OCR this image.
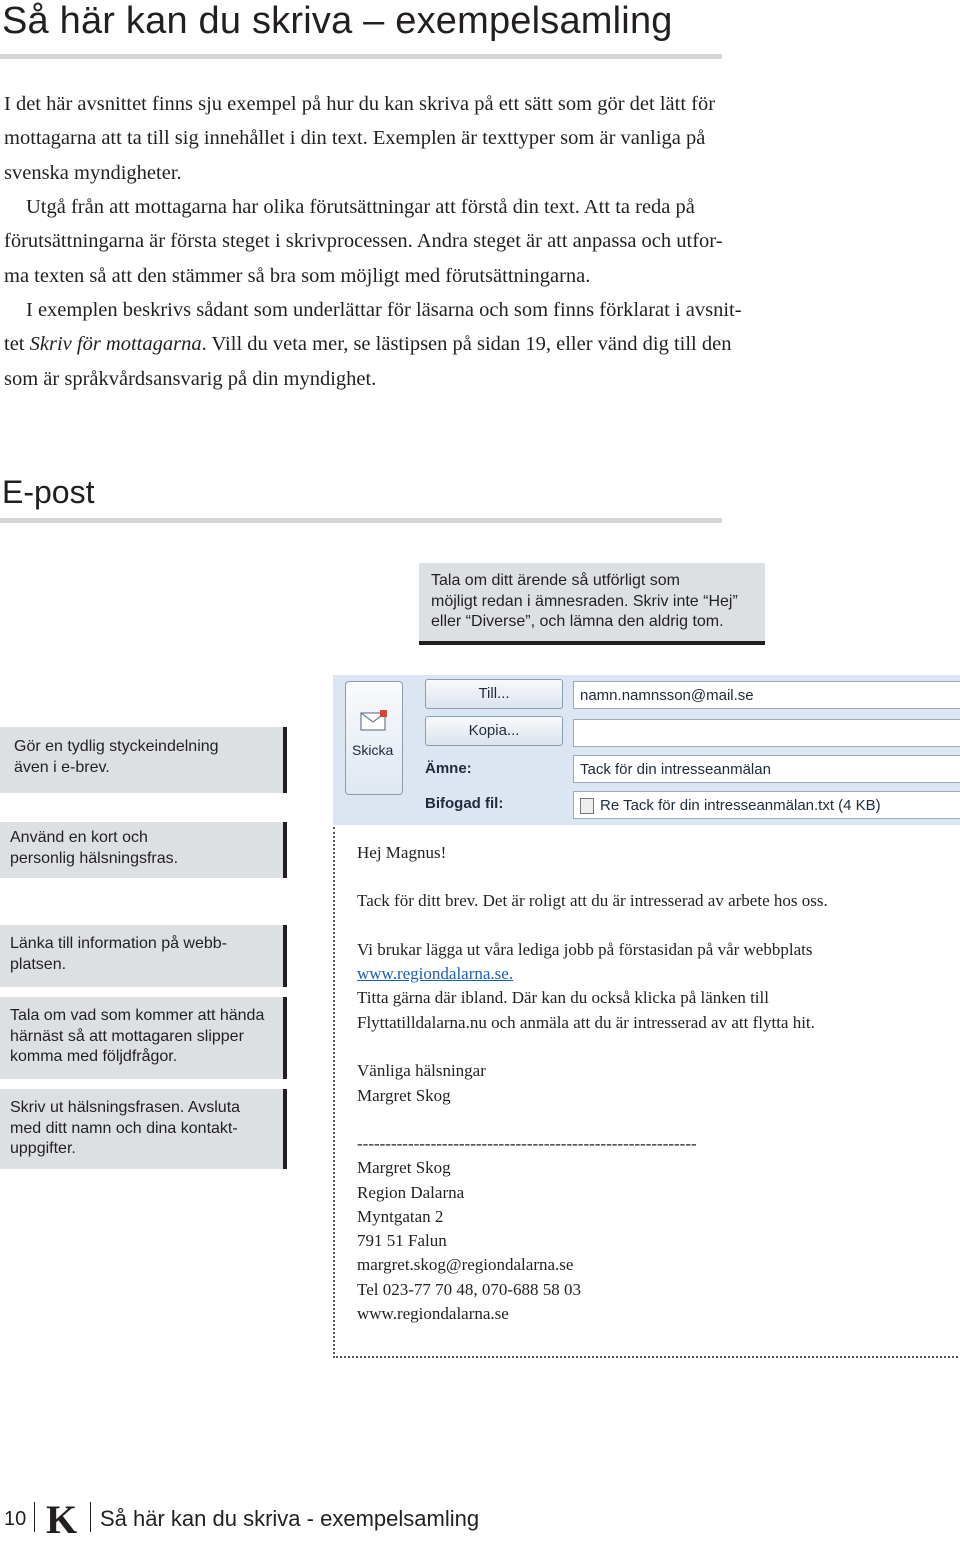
Så här kan du skriva – exempelsamling

I det här avsnittet finns sju exempel på hur du kan skriva på ett sätt som gör det lätt för

mottagarna att ta till sig innehållet i din text. Exemplen är texttyper som är vanliga på

svenska myndigheter.

Utgå från att mottagarna har olika förutsättningar att förstå din text. Att ta reda på

förutsättningarna är första steget i skrivprocessen. Andra steget är att anpassa och utfor-

ma texten så att den stämmer så bra som möjligt med förutsättningarna.

I exemplen beskrivs sådant som underlättar för läsarna och som finns förklarat i avsnit-

tet Skriv för mottagarna. Vill du veta mer, se lästipsen på sidan 19, eller vänd dig till den

som är språkvårdsansvarig på din myndighet.

E-post
Tala om ditt ärende så utförligt som
möjligt redan i ämnesraden. Skriv inte “Hej”
eller “Diverse”, och lämna den aldrig tom.
Gör en tydlig styckeindelning
även i e-brev.
Använd en kort och
personlig hälsningsfras.
Länka till information på webb-
platsen.
Tala om vad som kommer att hända
härnäst så att mottagaren slipper
komma med följdfrågor.
Skriv ut hälsningsfrasen. Avsluta
med ditt namn och dina kontakt-
uppgifter.
Skicka
Till...
Kopia...
Ämne:
Bifogad fil:
namn.namnsson@mail.se
Tack för din intresseanmälan
Re Tack för din intresseanmälan.txt (4 KB)
Hej Magnus!
Tack för ditt brev. Det är roligt att du är intresserad av arbete hos oss.
Vi brukar lägga ut våra lediga jobb på förstasidan på vår webbplats
www.regiondalarna.se.
Titta gärna där ibland. Där kan du också klicka på länken till
Flyttatilldalarna.nu och anmäla att du är intresserad av att flytta hit.
Vänliga hälsningar
Margret Skog
------------------------------------------------------------
Margret Skog
Region Dalarna
Myntgatan 2
791 51 Falun
margret.skog@regiondalarna.se
Tel 023-77 70 48, 070-688 58 03
www.regiondalarna.se
10 K Så här kan du skriva - exempelsamling
